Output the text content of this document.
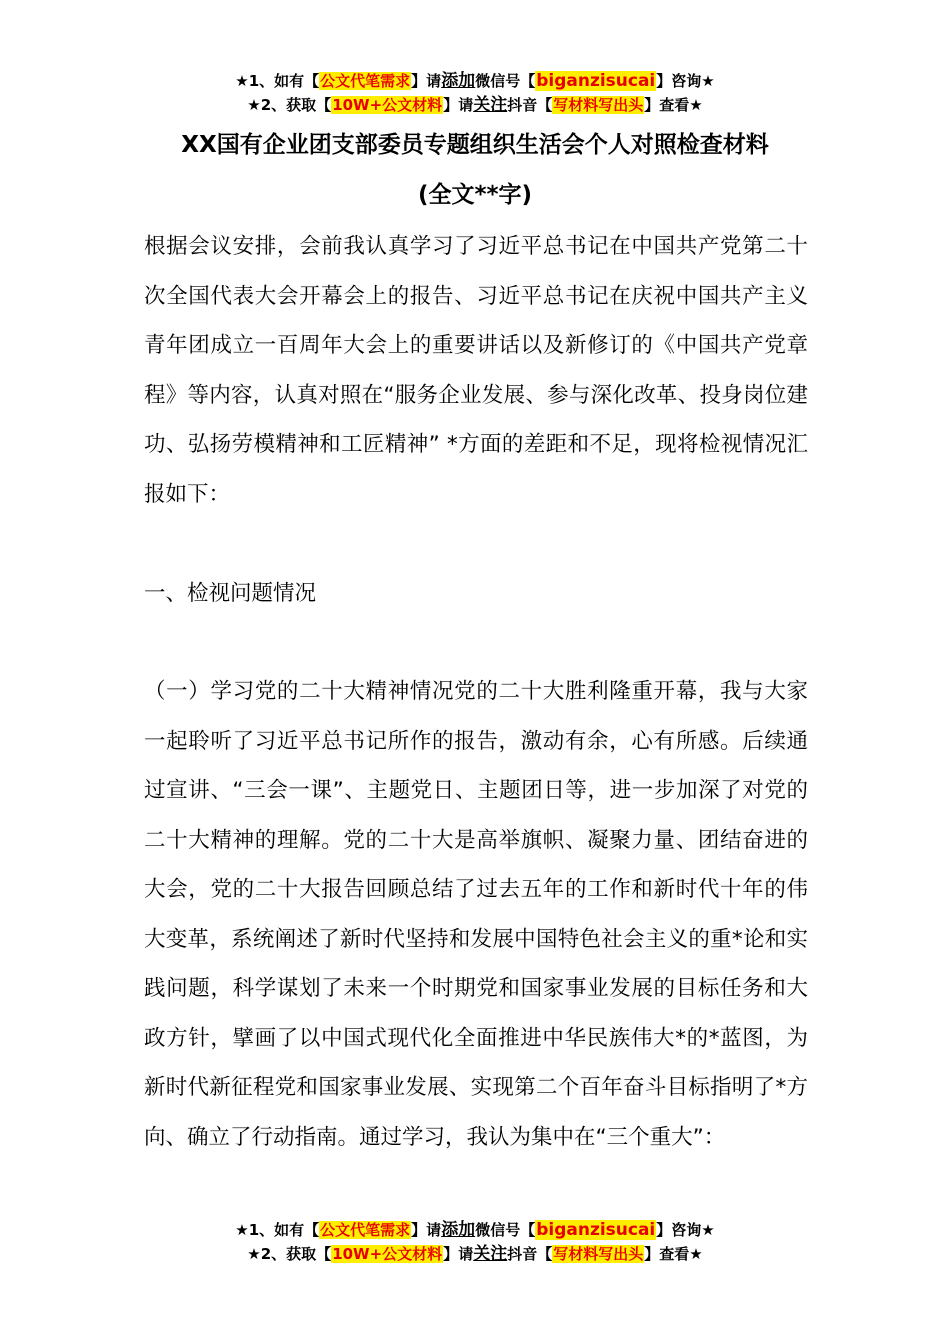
★1、如有【公文代笔需求】请添加微信号【biganzisucai】咨询★
★2、获取【10W+公文材料】请关注抖音【写材料写出头】查看★
XX国有企业团支部委员专题组织生活会个人对照检查材料
(全文**字)

根据会议安排，会前我认真学习了习近平总书记在中国共产党第二十次全国代表大会开幕会上的报告、习近平总书记在庆祝中国共产主义青年团成立一百周年大会上的重要讲话以及新修订的《中国共产党章程》等内容，认真对照在“服务企业发展、参与深化改革、投身岗位建功、弘扬劳模精神和工匠精神” *方面的差距和不足，现将检视情况汇报如下：

一、检视问题情况

（一）学习党的二十大精神情况党的二十大胜利隆重开幕，我与大家一起聆听了习近平总书记所作的报告，激动有余，心有所感。后续通过宣讲、“三会一课”、主题党日、主题团日等，进一步加深了对党的二十大精神的理解。党的二十大是高举旗帜、凝聚力量、团结奋进的大会，党的二十大报告回顾总结了过去五年的工作和新时代十年的伟大变革，系统阐述了新时代坚持和发展中国特色社会主义的重*论和实践问题，科学谋划了未来一个时期党和国家事业发展的目标任务和大政方针，擘画了以中国式现代化全面推进中华民族伟大*的*蓝图，为新时代新征程党和国家事业发展、实现第二个百年奋斗目标指明了*方向、确立了行动指南。通过学习，我认为集中在“三个重大”：

★1、如有【公文代笔需求】请添加微信号【biganzisucai】咨询★
★2、获取【10W+公文材料】请关注抖音【写材料写出头】查看★
